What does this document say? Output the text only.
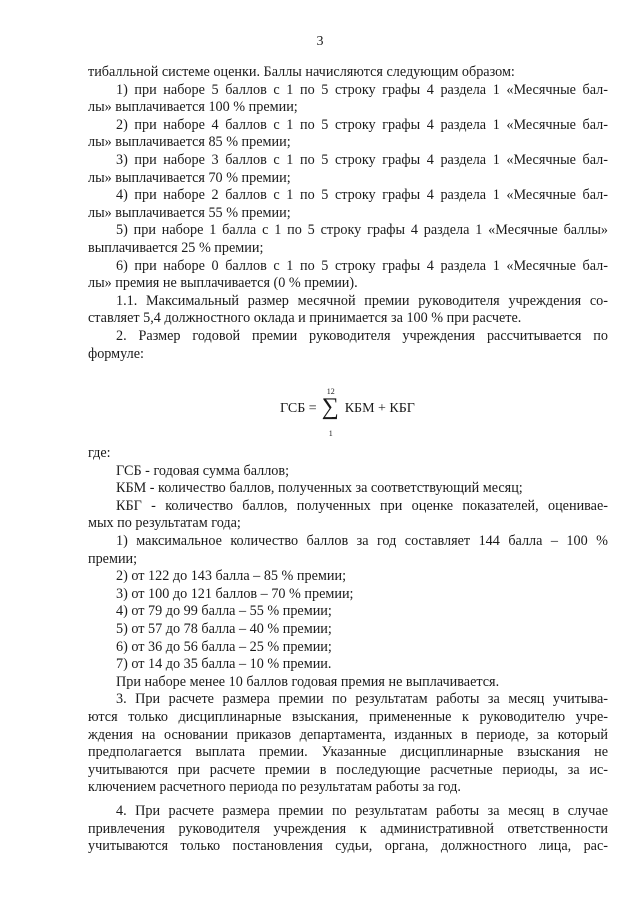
3

тибалльной системе оценки. Баллы начисляются следующим образом:

1) при наборе 5 баллов с 1 по 5 строку графы 4 раздела 1 «Месячные бал-

лы» выплачивается 100 % премии;

2) при наборе 4 баллов с 1 по 5 строку графы 4 раздела 1 «Месячные бал-

лы» выплачивается 85 % премии;

3) при наборе 3 баллов с 1 по 5 строку графы 4 раздела 1 «Месячные бал-

лы» выплачивается 70 % премии;

4) при наборе 2 баллов с 1 по 5 строку графы 4 раздела 1 «Месячные бал-

лы» выплачивается 55 % премии;

5) при наборе 1 балла с 1 по 5 строку графы 4 раздела 1 «Месячные баллы»

выплачивается 25 % премии;

6) при наборе 0 баллов с 1 по 5 строку графы 4 раздела 1 «Месячные бал-

лы» премия не выплачивается (0 % премии).

1.1. Максимальный размер месячной премии руководителя учреждения со-

ставляет 5,4 должностного оклада и принимается за 100 % при расчете.

2. Размер годовой премии руководителя учреждения рассчитывается по

формуле:

ГСБ =
12
∑
1
КБМ + КБГ

где:

ГСБ - годовая сумма баллов;

КБМ - количество баллов, полученных за соответствующий месяц;

КБГ - количество баллов, полученных при оценке показателей, оценивае-

мых по результатам года;

1) максимальное количество баллов за год составляет 144 балла – 100 %

премии;

2) от 122 до 143 балла – 85 % премии;

3) от 100 до 121 баллов – 70 % премии;

4) от 79 до 99 балла – 55 % премии;

5) от 57 до 78 балла – 40 % премии;

6) от 36 до 56 балла – 25 % премии;

7) от 14 до 35 балла – 10 % премии.

При наборе менее 10 баллов годовая премия не выплачивается.

3. При расчете размера премии по результатам работы за месяц учитыва-

ются только дисциплинарные взыскания, примененные к руководителю учре-

ждения на основании приказов департамента, изданных в периоде, за который

предполагается выплата премии. Указанные дисциплинарные взыскания не

учитываются при расчете премии в последующие расчетные периоды, за ис-

ключением расчетного периода по результатам работы за год.

4. При расчете размера премии по результатам работы за месяц в случае

привлечения руководителя учреждения к административной ответственности

учитываются только постановления судьи, органа, должностного лица, рас-
